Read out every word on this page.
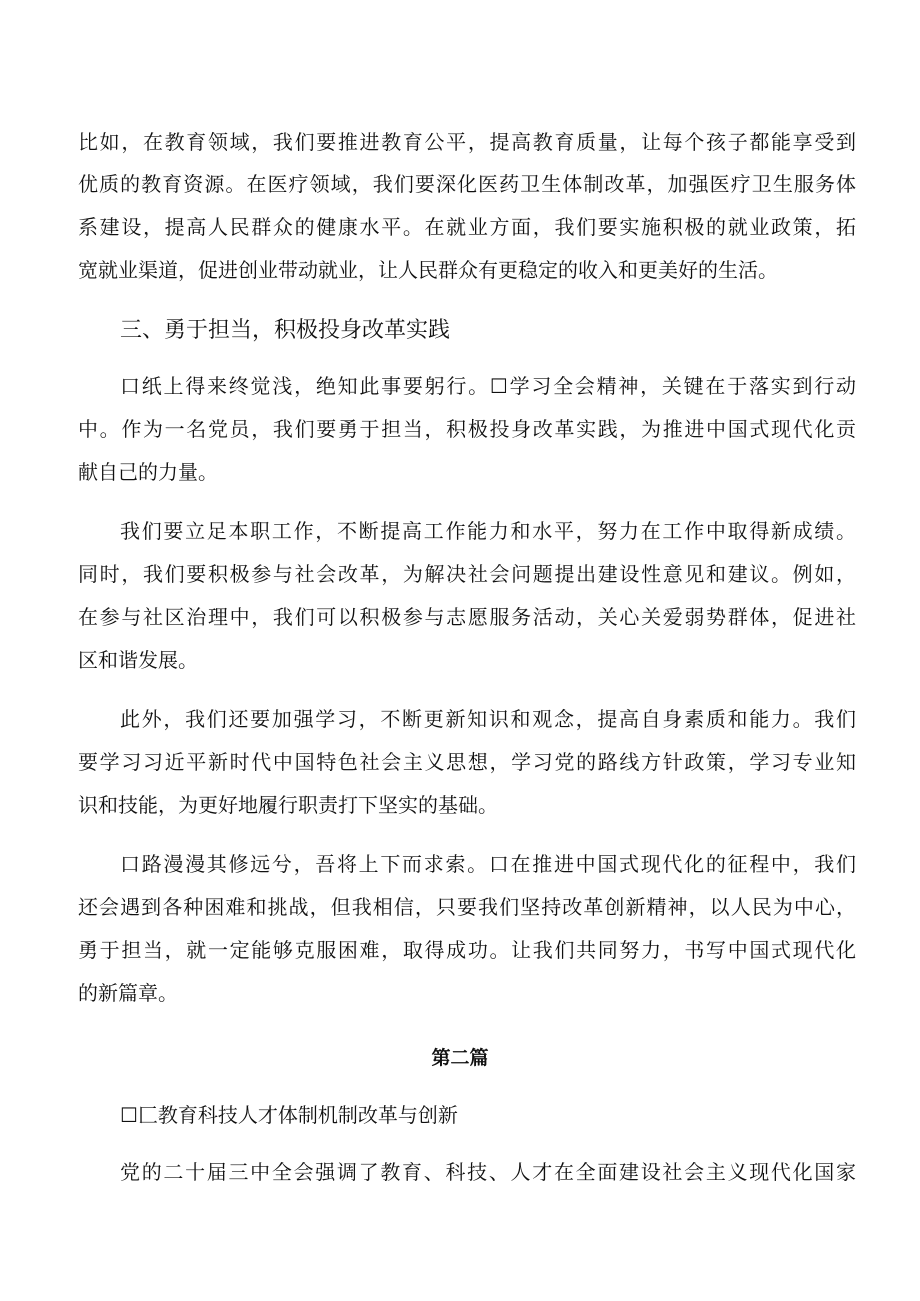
比如，在教育领域，我们要推进教育公平，提高教育质量，让每个孩子都能享受到
优质的教育资源。在医疗领域，我们要深化医药卫生体制改革，加强医疗卫生服务体
系建设，提高人民群众的健康水平。在就业方面，我们要实施积极的就业政策，拓
宽就业渠道，促进创业带动就业，让人民群众有更稳定的收入和更美好的生活。
三、勇于担当，积极投身改革实践
口纸上得来终觉浅，绝知此事要躬行。☐学习全会精神，关键在于落实到行动
中。作为一名党员，我们要勇于担当，积极投身改革实践，为推进中国式现代化贡
献自己的力量。
我们要立足本职工作，不断提高工作能力和水平，努力在工作中取得新成绩。
同时，我们要积极参与社会改革，为解决社会问题提出建设性意见和建议。例如，
在参与社区治理中，我们可以积极参与志愿服务活动，关心关爱弱势群体，促进社
区和谐发展。
此外，我们还要加强学习，不断更新知识和观念，提高自身素质和能力。我们
要学习习近平新时代中国特色社会主义思想，学习党的路线方针政策，学习专业知
识和技能，为更好地履行职责打下坚实的基础。
口路漫漫其修远兮，吾将上下而求索。口在推进中国式现代化的征程中，我们
还会遇到各种困难和挑战，但我相信，只要我们坚持改革创新精神，以人民为中心，
勇于担当，就一定能够克服困难，取得成功。让我们共同努力，书写中国式现代化
的新篇章。
第二篇
☐匚教育科技人才体制机制改革与创新
党的二十届三中全会强调了教育、科技、人才在全面建设社会主义现代化国家
